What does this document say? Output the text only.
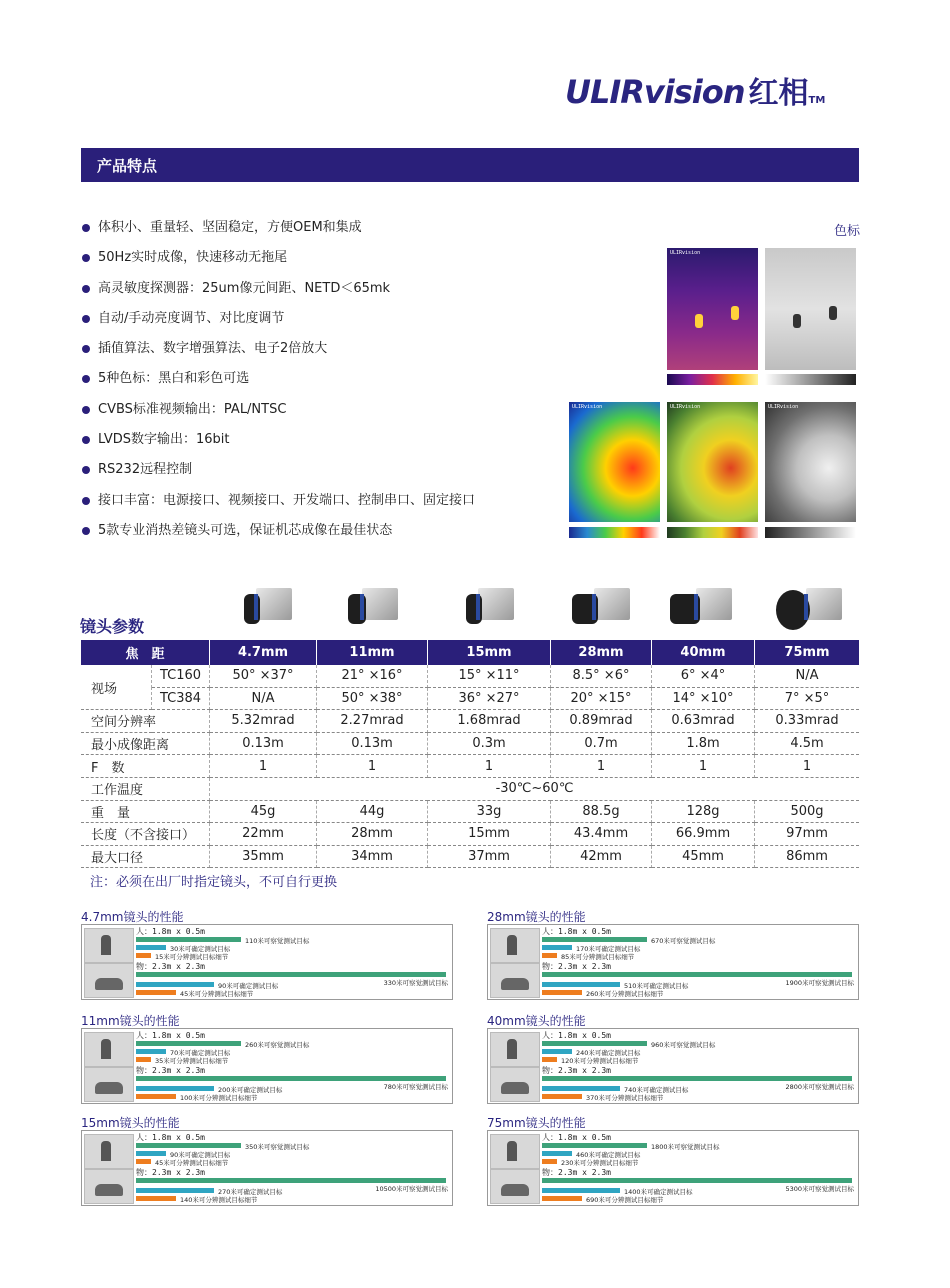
ULIRvision 红相TM
产品特点
体积小、重量轻、坚固稳定，方便OEM和集成
50Hz实时成像，快速移动无拖尾
高灵敏度探测器：25um像元间距、NETD＜65mk
自动/手动亮度调节、对比度调节
插值算法、数字增强算法、电子2倍放大
5种色标：黑白和彩色可选
CVBS标准视频输出：PAL/NTSC
LVDS数字输出：16bit
RS232远程控制
接口丰富：电源接口、视频接口、开发端口、控制串口、固定接口
5款专业消热差镜头可选，保证机芯成像在最佳状态
色标
ULIRvision
ULIRvision	ULIRvision	ULIRvision
镜头参数
焦　距		4.7mm	11mm	15mm	28mm	40mm	75mm
视场	TC160	50° ×37°	21° ×16°	15° ×11°	8.5° ×6°	6° ×4°	N/A
	TC384	N/A	50° ×38°	36° ×27°	20° ×15°	14° ×10°	7° ×5°
空间分辨率		5.32mrad	2.27mrad	1.68mrad	0.89mrad	0.63mrad	0.33mrad
最小成像距离		0.13m	0.13m	0.3m	0.7m	1.8m	4.5m
F　数		1	1	1	1	1	1
工作温度		-30℃~60℃					
重　量		45g	44g	33g	88.5g	128g	500g
长度（不含接口）		22mm	28mm	15mm	43.4mm	66.9mm	97mm
最大口径		35mm	34mm	37mm	42mm	45mm	86mm
注：必须在出厂时指定镜头，不可自行更换
4.7mm镜头的性能
人：1.8m x 0.5m
110米可察觉测试目标
30米可确定测试目标
15米可分辨测试目标细节
物：2.3m x 2.3m
330米可察觉测试目标
90米可确定测试目标
45米可分辨测试目标细节
28mm镜头的性能
人：1.8m x 0.5m
670米可察觉测试目标
170米可确定测试目标
85米可分辨测试目标细节
物：2.3m x 2.3m
1900米可察觉测试目标
510米可确定测试目标
260米可分辨测试目标细节
11mm镜头的性能
人：1.8m x 0.5m
260米可察觉测试目标
70米可确定测试目标
35米可分辨测试目标细节
物：2.3m x 2.3m
780米可察觉测试目标
200米可确定测试目标
100米可分辨测试目标细节
40mm镜头的性能
人：1.8m x 0.5m
960米可察觉测试目标
240米可确定测试目标
120米可分辨测试目标细节
物：2.3m x 2.3m
2800米可察觉测试目标
740米可确定测试目标
370米可分辨测试目标细节
15mm镜头的性能
人：1.8m x 0.5m
350米可察觉测试目标
90米可确定测试目标
45米可分辨测试目标细节
物：2.3m x 2.3m
10500米可察觉测试目标
270米可确定测试目标
140米可分辨测试目标细节
75mm镜头的性能
人：1.8m x 0.5m
1800米可察觉测试目标
460米可确定测试目标
230米可分辨测试目标细节
物：2.3m x 2.3m
5300米可察觉测试目标
1400米可确定测试目标
690米可分辨测试目标细节
